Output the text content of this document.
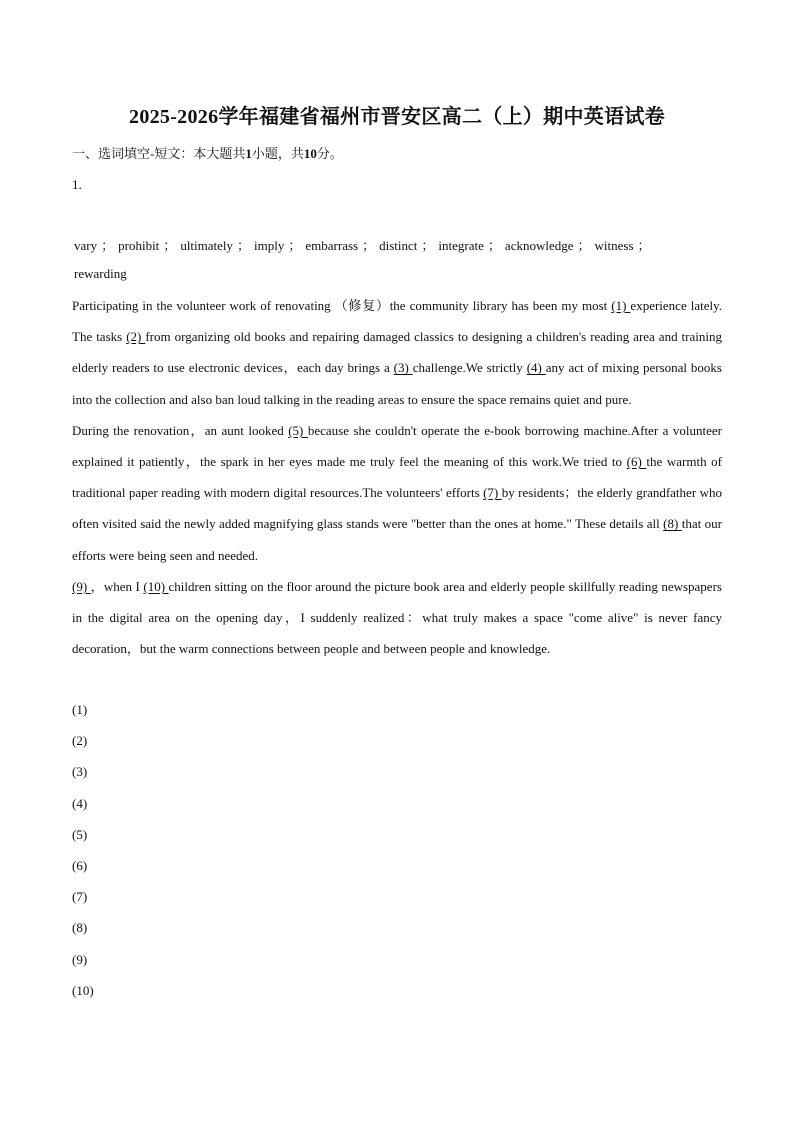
2025-2026学年福建省福州市晋安区高二（上）期中英语试卷
一、选词填空-短文：本大题共1小题，共10分。
1.
vary ； prohibit ； ultimately ； imply ； embarrass ； distinct ； integrate ； acknowledge ； witness ；
rewarding

Participating in the volunteer work of renovating （修复）the community library has been my most (1) experience lately. The tasks (2) from organizing old books and repairing damaged classics to designing a children's reading area and training elderly readers to use electronic devices，each day brings a (3) challenge.We strictly (4) any act of mixing personal books into the collection and also ban loud talking in the reading areas to ensure the space remains quiet and pure.

During the renovation，an aunt looked (5) because she couldn't operate the e-book borrowing machine.After a volunteer explained it patiently，the spark in her eyes made me truly feel the meaning of this work.We tried to (6) the warmth of traditional paper reading with modern digital resources.The volunteers' efforts (7) by residents；the elderly grandfather who often visited said the newly added magnifying glass stands were "better than the ones at home." These details all (8) that our efforts were being seen and needed.

(9) ，when I (10) children sitting on the floor around the picture book area and elderly people skillfully reading newspapers in the digital area on the opening day，I suddenly realized：what truly makes a space "come alive" is never fancy decoration，but the warm connections between people and between people and knowledge.

(1)
(2)
(3)
(4)
(5)
(6)
(7)
(8)
(9)
(10)
